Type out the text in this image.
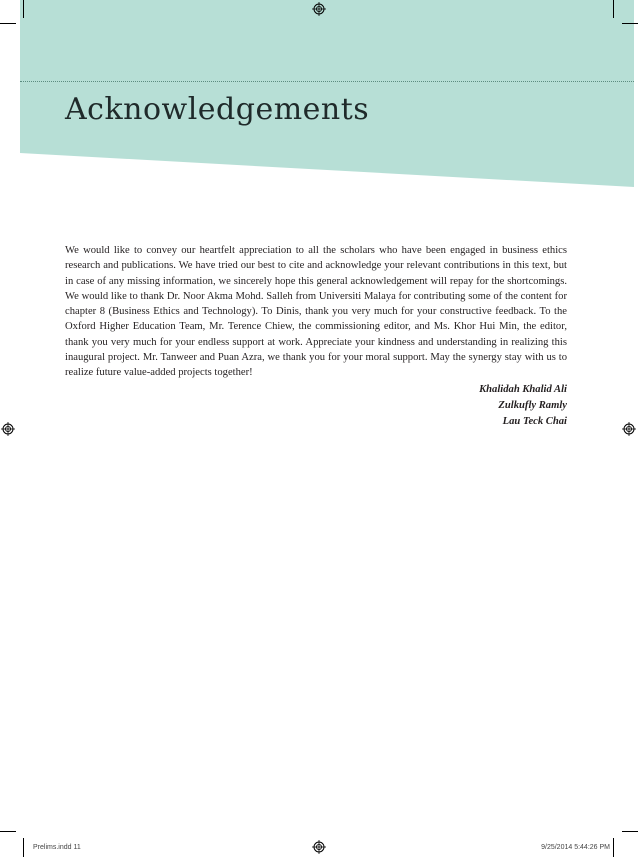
Acknowledgements

We would like to convey our heartfelt appreciation to all the scholars who have been engaged in business ethics research and publications. We have tried our best to cite and acknowledge your relevant contributions in this text, but in case of any missing information, we sincerely hope this general acknowledgement will repay for the shortcomings. We would like to thank Dr. Noor Akma Mohd. Salleh from Universiti Malaya for contributing some of the content for chapter 8 (Business Ethics and Technology). To Dinis, thank you very much for your constructive feedback. To the Oxford Higher Education Team, Mr. Terence Chiew, the commissioning editor, and Ms. Khor Hui Min, the editor, thank you very much for your endless support at work. Appreciate your kindness and understanding in realizing this inaugural project. Mr. Tanweer and Puan Azra, we thank you for your moral support. May the synergy stay with us to realize future value-added projects together!

Khalidah Khalid Ali
Zulkufly Ramly
Lau Teck Chai
Prelims.indd 11	9/25/2014 5:44:26 PM
